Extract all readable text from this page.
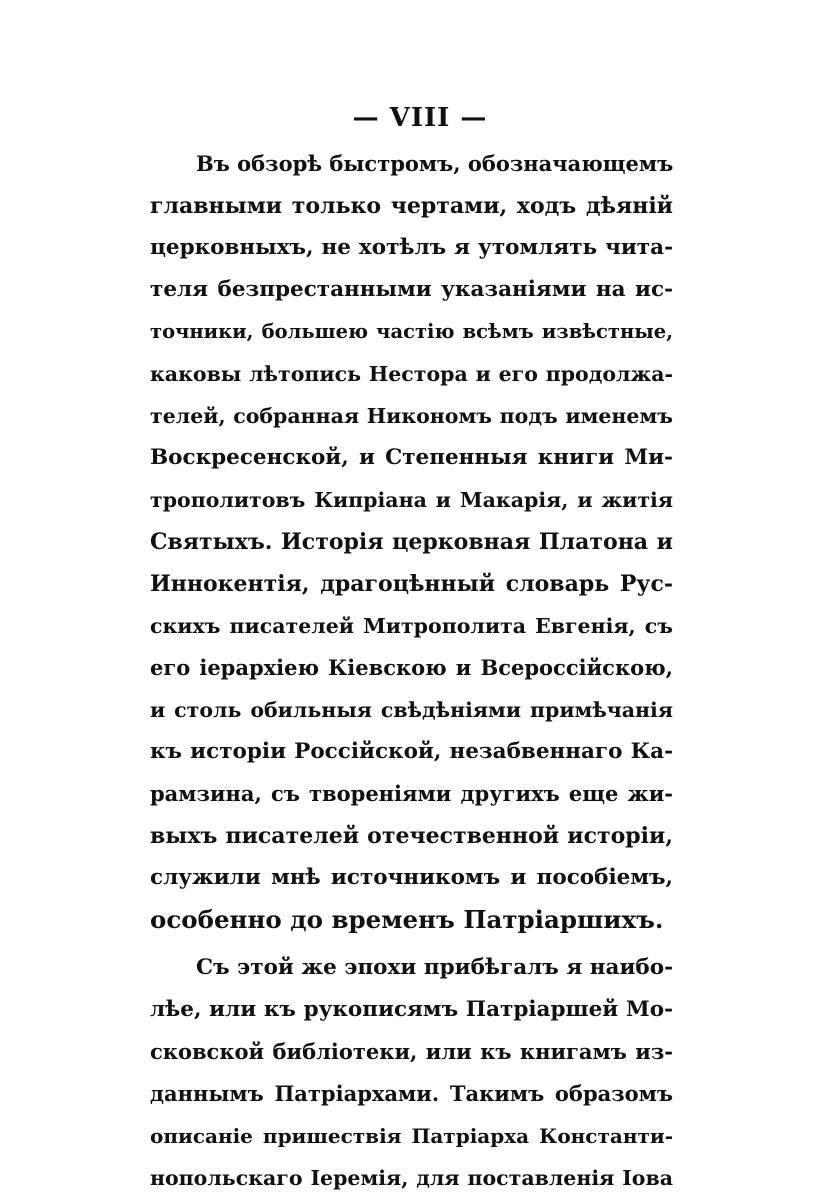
— VIII —
Въ обзорѣ быстромъ, обозначающемъ
главными только чертами, ходъ дѣяній
церковныхъ, не хотѣлъ я утомлять чита-
теля безпрестанными указаніями на ис-
точники, большею частію всѣмъ извѣстные,
каковы лѣтопись Нестора и его продолжа-
телей, собранная Никономъ подъ именемъ
Воскресенской, и Степенныя книги Ми-
трополитовъ Кипріана и Макарія, и житія
Святыхъ. Исторія церковная Платона и
Иннокентія, драгоцѣнный словарь Рус-
скихъ писателей Митрополита Евгенія, съ
его іерархіею Кіевскою и Всероссійскою,
и столь обильныя свѣдѣніями примѣчанія
къ исторіи Россійской, незабвеннаго Ка-
рамзина, съ твореніями другихъ еще жи-
выхъ писателей отечественной исторіи,
служили мнѣ источникомъ и пособіемъ,
особенно до временъ Патріаршихъ.
Съ этой же эпохи прибѣгалъ я наибо-
лѣе, или къ рукописямъ Патріаршей Мо-
сковской библіотеки, или къ книгамъ из-
даннымъ Патріархами. Такимъ образомъ
описаніе пришествія Патріарха Константи-
нопольскаго Іеремія, для поставленія Іова
